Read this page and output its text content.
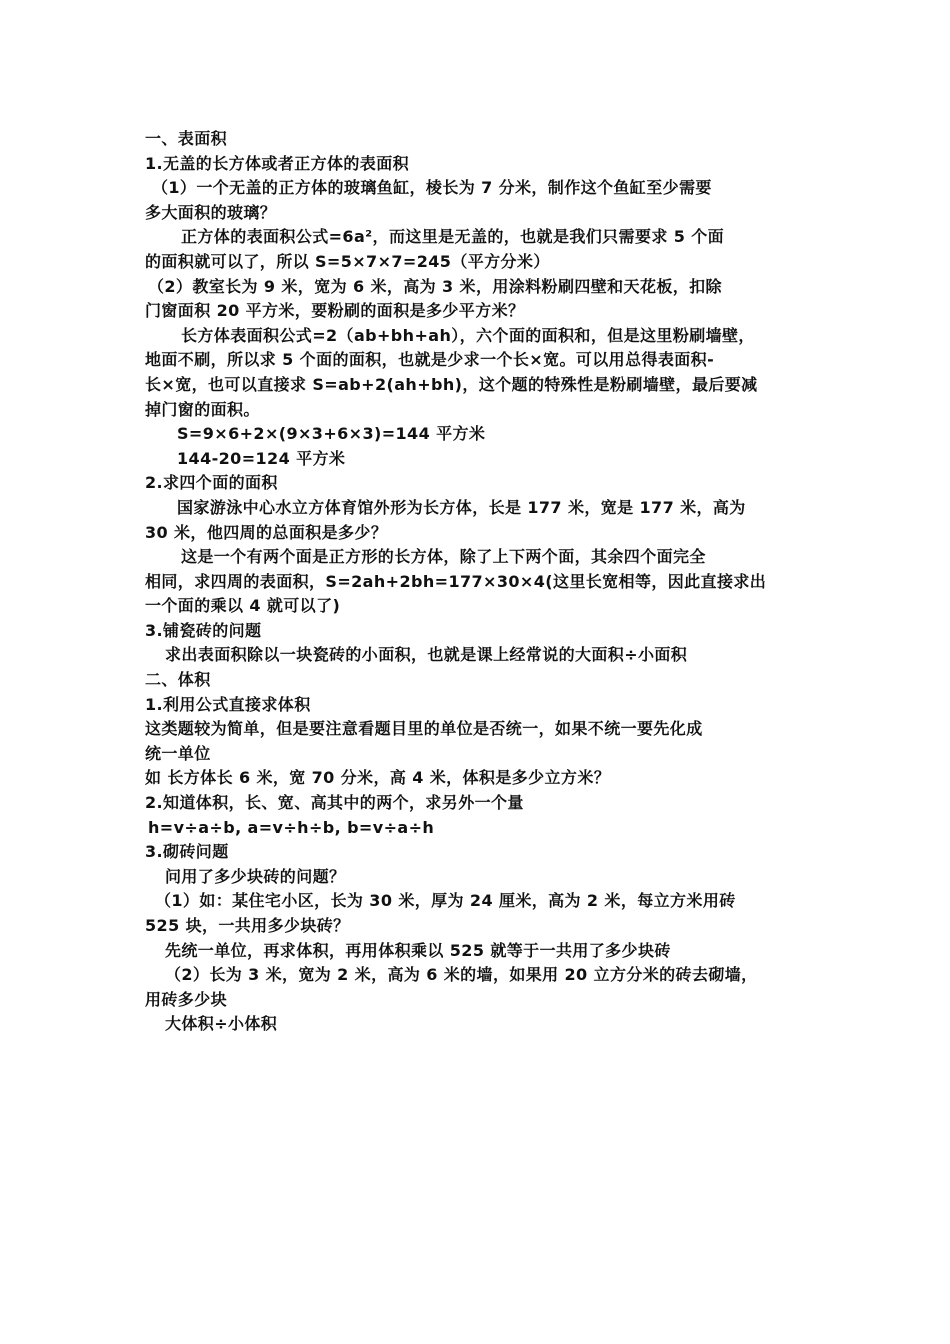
一、表面积
1.无盖的长方体或者正方体的表面积
（1）一个无盖的正方体的玻璃鱼缸，棱长为 7 分米，制作这个鱼缸至少需要
多大面积的玻璃？
正方体的表面积公式=6a²，而这里是无盖的，也就是我们只需要求 5 个面
的面积就可以了，所以 S=5×7×7=245（平方分米）
（2）教室长为 9 米，宽为 6 米，高为 3 米，用涂料粉刷四壁和天花板，扣除
门窗面积 20 平方米，要粉刷的面积是多少平方米？
长方体表面积公式=2（ab+bh+ah），六个面的面积和，但是这里粉刷墙壁，
地面不刷，所以求 5 个面的面积，也就是少求一个长×宽。可以用总得表面积-
长×宽，也可以直接求 S=ab+2(ah+bh)，这个题的特殊性是粉刷墙壁，最后要减
掉门窗的面积。
S=9×6+2×(9×3+6×3)=144 平方米
144-20=124 平方米
2.求四个面的面积
国家游泳中心水立方体育馆外形为长方体，长是 177 米，宽是 177 米，高为
30 米，他四周的总面积是多少？
这是一个有两个面是正方形的长方体，除了上下两个面，其余四个面完全
相同，求四周的表面积，S=2ah+2bh=177×30×4(这里长宽相等，因此直接求出
一个面的乘以 4 就可以了)
3.铺瓷砖的问题
求出表面积除以一块瓷砖的小面积，也就是课上经常说的大面积÷小面积
二、体积
1.利用公式直接求体积
这类题较为简单，但是要注意看题目里的单位是否统一，如果不统一要先化成
统一单位
如 长方体长 6 米，宽 70 分米，高 4 米，体积是多少立方米？
2.知道体积，长、宽、高其中的两个，求另外一个量
h=v÷a÷b, a=v÷h÷b, b=v÷a÷h
3.砌砖问题
问用了多少块砖的问题？
（1）如：某住宅小区，长为 30 米，厚为 24 厘米，高为 2 米，每立方米用砖
525 块，一共用多少块砖？
先统一单位，再求体积，再用体积乘以 525 就等于一共用了多少块砖
（2）长为 3 米，宽为 2 米，高为 6 米的墙，如果用 20 立方分米的砖去砌墙，
用砖多少块
大体积÷小体积
